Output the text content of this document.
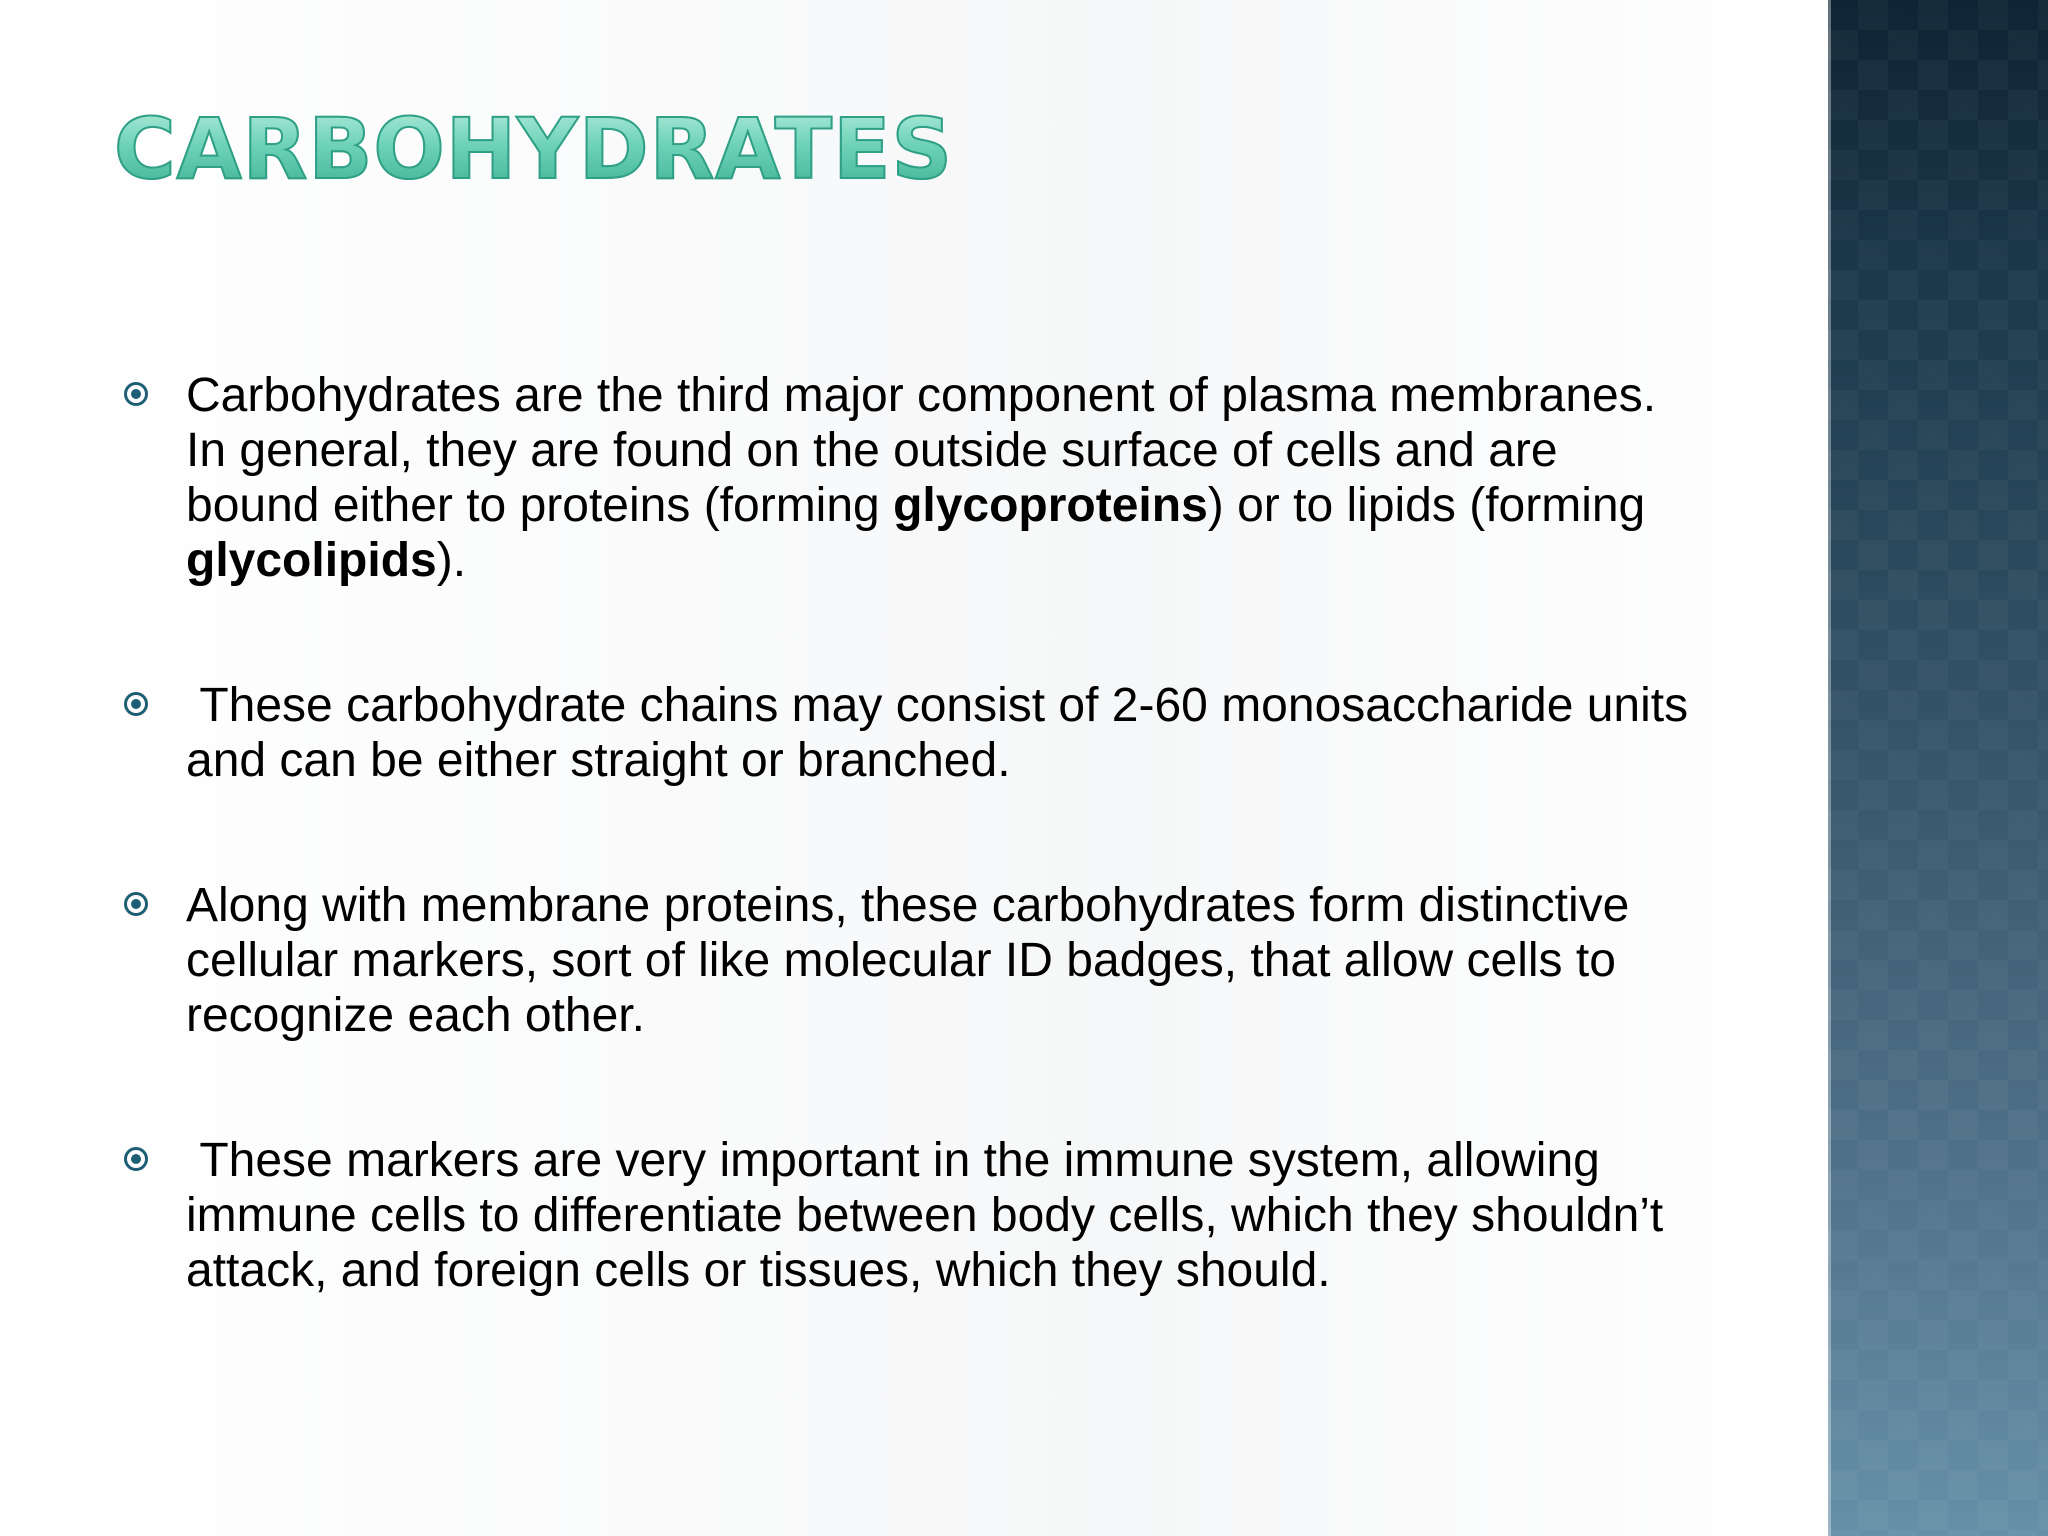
CARBOHYDRATES
Carbohydrates are the third major component of plasma membranes. In general, they are found on the outside surface of cells and are bound either to proteins (forming glycoproteins) or to lipids (forming glycolipids).
These carbohydrate chains may consist of 2-60 monosaccharide units and can be either straight or branched.
Along with membrane proteins, these carbohydrates form distinctive cellular markers, sort of like molecular ID badges, that allow cells to recognize each other.
These markers are very important in the immune system, allowing immune cells to differentiate between body cells, which they shouldn’t attack, and foreign cells or tissues, which they should.
